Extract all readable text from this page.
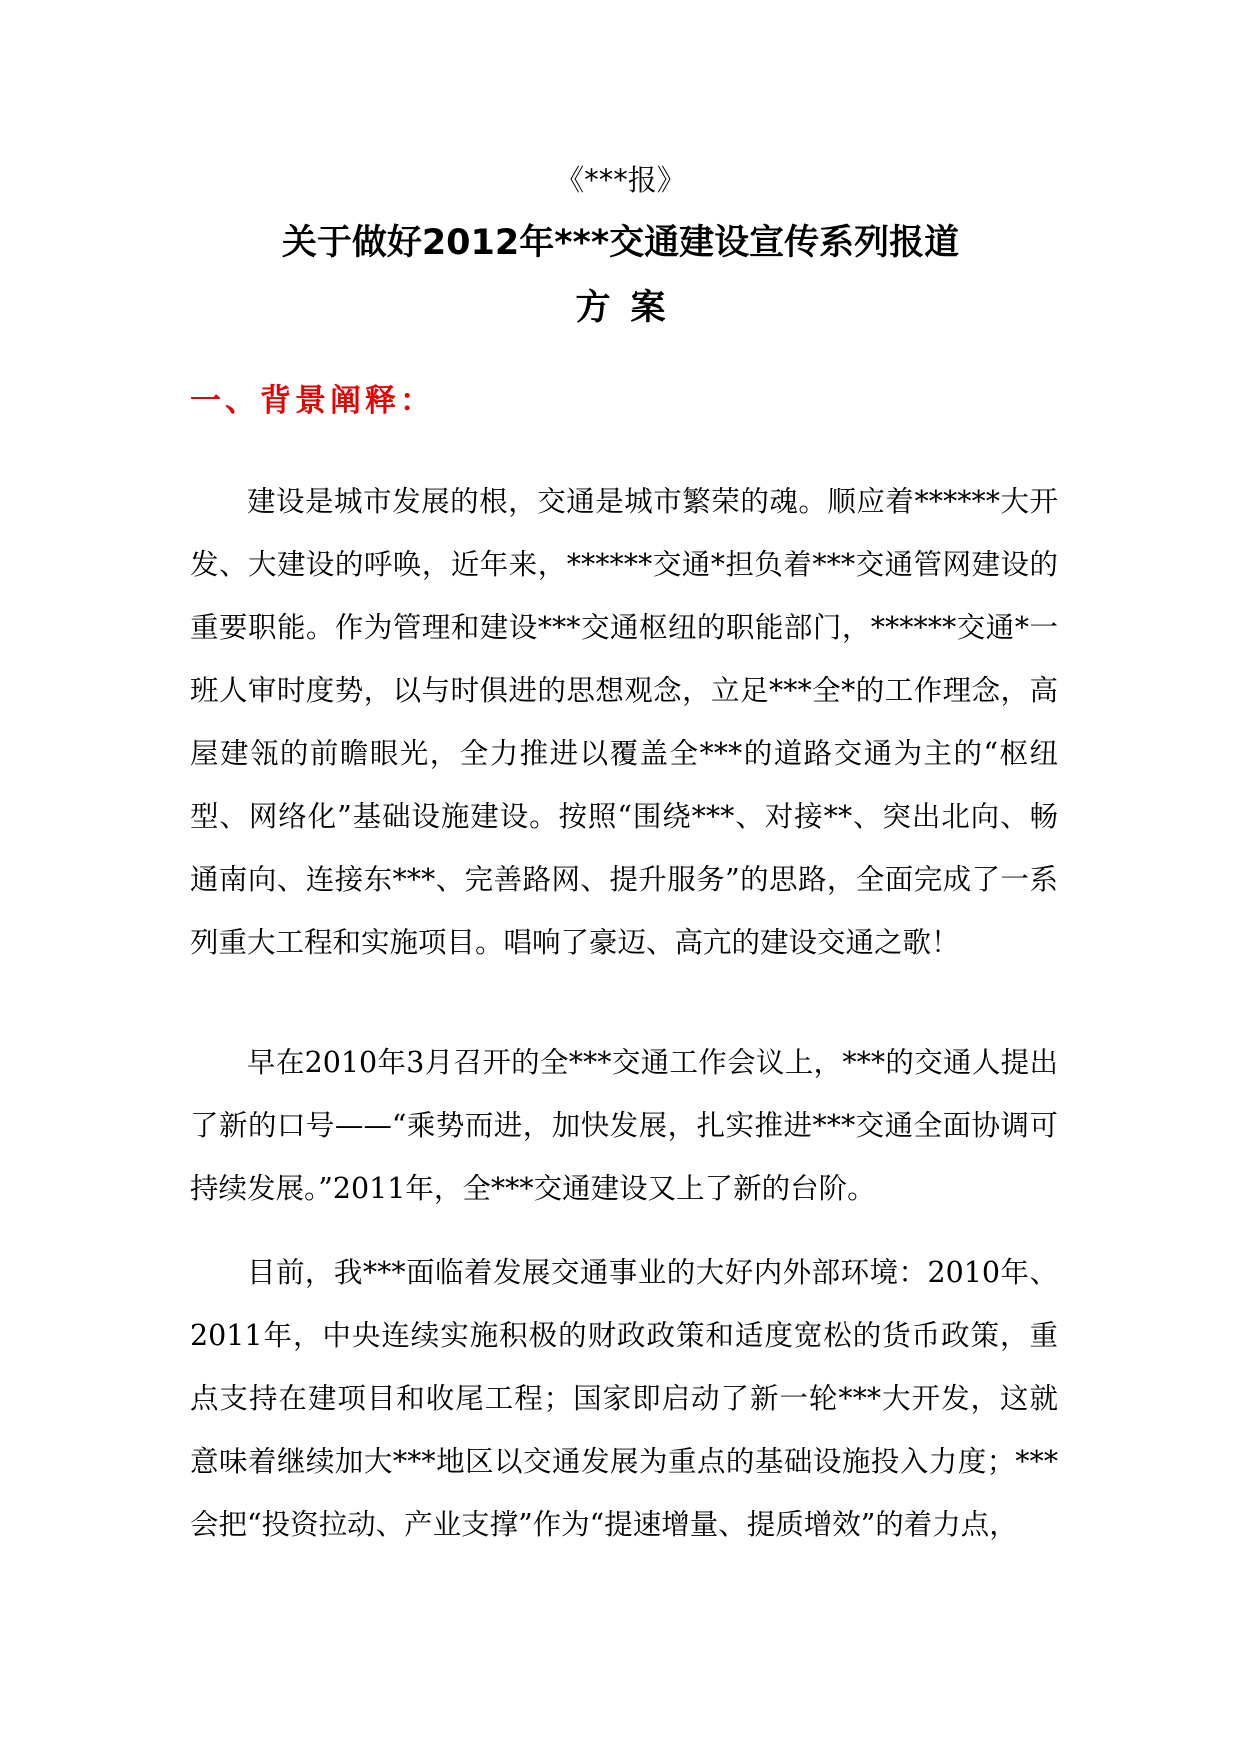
《***报》
关于做好2012年***交通建设宣传系列报道
方案
一、背景阐释：

建设是城市发展的根，交通是城市繁荣的魂。顺应着******大开发、大建设的呼唤，近年来，******交通*担负着***交通管网建设的重要职能。作为管理和建设***交通枢纽的职能部门，******交通*一班人审时度势，以与时俱进的思想观念，立足***全*的工作理念，高屋建瓴的前瞻眼光，全力推进以覆盖全***的道路交通为主的“枢纽型、网络化”基础设施建设。按照“围绕***、对接**、突出北向、畅通南向、连接东***、完善路网、提升服务”的思路，全面完成了一系列重大工程和实施项目。唱响了豪迈、高亢的建设交通之歌！

早在2010年3月召开的全***交通工作会议上，***的交通人提出了新的口号——“乘势而进，加快发展，扎实推进***交通全面协调可持续发展。”2011年，全***交通建设又上了新的台阶。

目前，我***面临着发展交通事业的大好内外部环境：2010年、2011年，中央连续实施积极的财政政策和适度宽松的货币政策，重点支持在建项目和收尾工程；国家即启动了新一轮***大开发，这就意味着继续加大***地区以交通发展为重点的基础设施投入力度；***会把“投资拉动、产业支撑”作为“提速增量、提质增效”的着力点，
